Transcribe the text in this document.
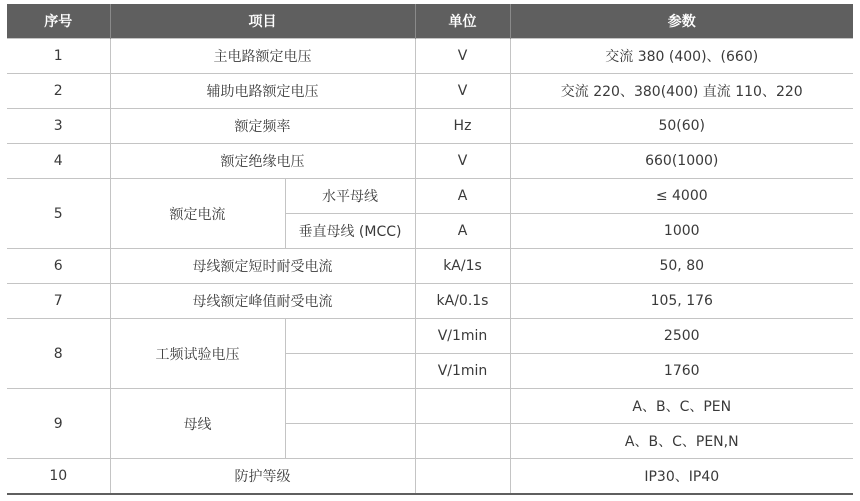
序号	项目		单位	参数
1	主电路额定电压		V	交流 380 (400)、(660)
2	辅助电路额定电压		V	交流 220、380(400) 直流 110、220
3	额定频率		Hz	50(60)
4	额定绝缘电压		V	660(1000)
5	额定电流	水平母线	A	≤ 4000
		垂直母线 (MCC)	A	1000
6	母线额定短时耐受电流		kA/1s	50, 80
7	母线额定峰值耐受电流		kA/0.1s	105, 176
8	工频试验电压		V/1min	2500
			V/1min	1760
9	母线			A、B、C、PEN
				A、B、C、PEN,N
10	防护等级			IP30、IP40
